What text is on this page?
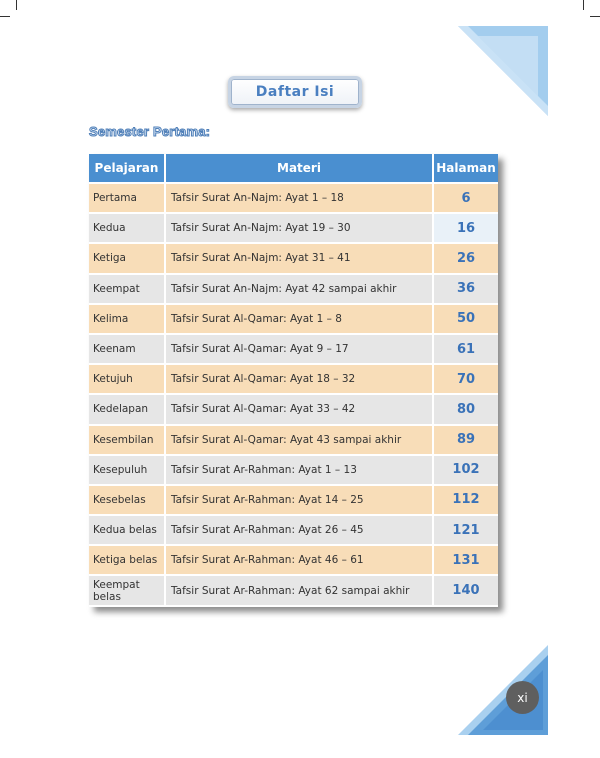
Daftar Isi
Semester Pertama:
Pelajaran	Materi	Halaman
Pertama	Tafsir Surat An-Najm: Ayat 1 – 18	6
Kedua	Tafsir Surat An-Najm: Ayat 19 – 30	16
Ketiga	Tafsir Surat An-Najm: Ayat 31 – 41	26
Keempat	Tafsir Surat An-Najm: Ayat 42 sampai akhir	36
Kelima	Tafsir Surat Al-Qamar: Ayat 1 – 8	50
Keenam	Tafsir Surat Al-Qamar: Ayat 9 – 17	61
Ketujuh	Tafsir Surat Al-Qamar: Ayat 18 – 32	70
Kedelapan	Tafsir Surat Al-Qamar: Ayat 33 – 42	80
Kesembilan	Tafsir Surat Al-Qamar: Ayat 43 sampai akhir	89
Kesepuluh	Tafsir Surat Ar-Rahman: Ayat 1 – 13	102
Kesebelas	Tafsir Surat Ar-Rahman: Ayat 14 – 25	112
Kedua belas	Tafsir Surat Ar-Rahman: Ayat 26 – 45	121
Ketiga belas	Tafsir Surat Ar-Rahman: Ayat 46 – 61	131
Keempat belas	Tafsir Surat Ar-Rahman: Ayat 62 sampai akhir	140
xi
